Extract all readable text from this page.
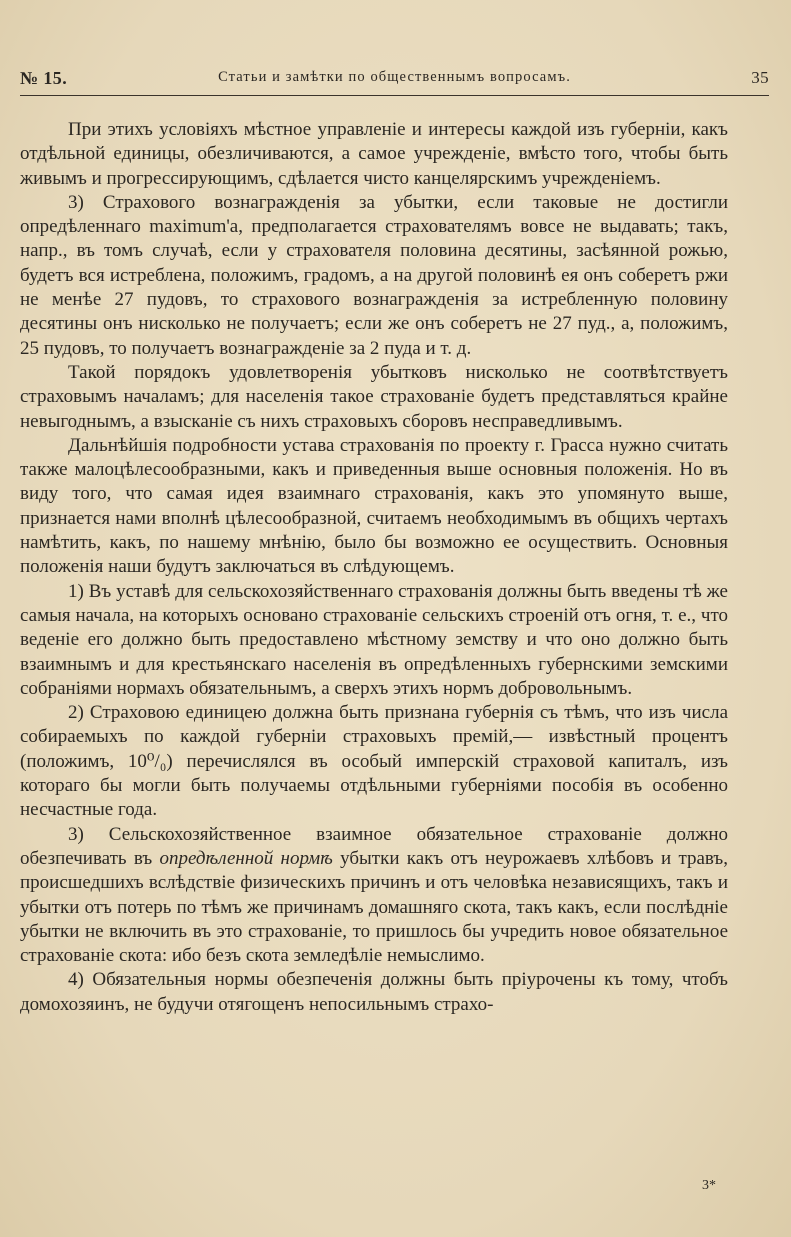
№ 15.	Статьи и замѣтки по общественнымъ вопросамъ.	35

При этихъ условiяхъ мѣстное управленiе и интересы каждой изъ губернiи, какъ отдѣльной единицы, обезличиваются, а самое учрежденiе, вмѣсто того, чтобы быть живымъ и прогрессирующимъ, сдѣлается чисто канцелярскимъ учрежденiемъ.

3) Страхового вознагражденiя за убытки, если таковые не достигли опредѣленнаго maximum'а, предполагается страхователямъ вовсе не выдавать; такъ, напр., въ томъ случаѣ, если у страхователя половина десятины, засѣянной рожью, будетъ вся истреблена, положимъ, градомъ, а на другой половинѣ ея онъ соберетъ ржи не менѣе 27 пудовъ, то страхового вознагражденiя за истребленную половину десятины онъ нисколько не получаетъ; если же онъ соберетъ не 27 пуд., а, положимъ, 25 пудовъ, то получаетъ вознагражденiе за 2 пуда и т. д.

Такой порядокъ удовлетворенiя убытковъ нисколько не соотвѣтствуетъ страховымъ началамъ; для населенiя такое страхованiе будетъ представляться крайне невыгоднымъ, а взысканiе съ нихъ страховыхъ сборовъ несправедливымъ.

Дальнѣйшiя подробности устава страхованiя по проекту г. Грасса нужно считать также малоцѣлесообразными, какъ и приведенныя выше основныя положенiя. Но въ виду того, что самая идея взаимнаго страхованiя, какъ это упомянуто выше, признается нами вполнѣ цѣлесообразной, считаемъ необходимымъ въ общихъ чертахъ намѣтить, какъ, по нашему мнѣнiю, было бы возможно ее осуществить. Основныя положенiя наши будутъ заключаться въ слѣдующемъ.

1) Въ уставѣ для сельскохозяйственнаго страхованiя должны быть введены тѣ же самыя начала, на которыхъ основано страхованiе сельскихъ строенiй отъ огня, т. е., что веденiе его должно быть предоставлено мѣстному земству и что оно должно быть взаимнымъ и для крестьянскаго населенiя въ опредѣленныхъ губернскими земскими собранiями нормахъ обязательнымъ, а сверхъ этихъ нормъ добровольнымъ.

2) Страховою единицею должна быть признана губернiя съ тѣмъ, что изъ числа собираемыхъ по каждой губернiи страховыхъ премiй,— извѣстный процентъ (положимъ, 10⁰/₀) перечислялся въ особый имперскiй страховой капиталъ, изъ котораго бы могли быть получаемы отдѣльными губернiями пособiя въ особенно несчастные года.

3) Сельскохозяйственное взаимное обязательное страхованiе должно обезпечивать въ опредѣленной нормѣ убытки какъ отъ неурожаевъ хлѣбовъ и травъ, происшедшихъ вслѣдствiе физическихъ причинъ и отъ человѣка независящихъ, такъ и убытки отъ потерь по тѣмъ же причинамъ домашняго скота, такъ какъ, если послѣднiе убытки не включить въ это страхованiе, то пришлось бы учредить новое обязательное страхованiе скота: ибо безъ скота земледѣлiе немыслимо.

4) Обязательныя нормы обезпеченiя должны быть прiурочены къ тому, чтобъ домохозяинъ, не будучи отягощенъ непосильнымъ страхо-

3*
